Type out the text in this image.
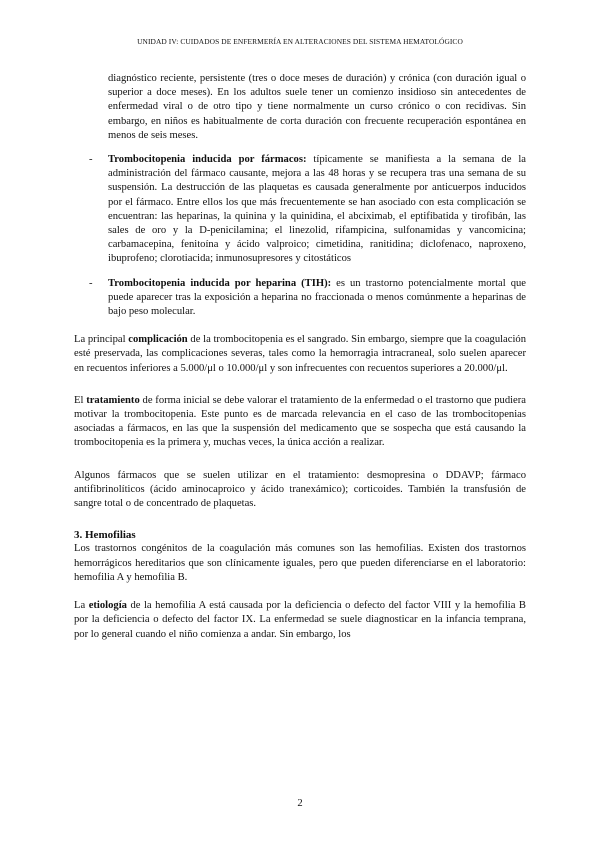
UNIDAD IV: CUIDADOS DE ENFERMERÍA EN ALTERACIONES DEL SISTEMA HEMATOLÓGICO

diagnóstico reciente, persistente (tres o doce meses de duración) y crónica (con duración igual o superior a doce meses). En los adultos suele tener un comienzo insidioso sin antecedentes de enfermedad viral o de otro tipo y tiene normalmente un curso crónico o con recidivas. Sin embargo, en niños es habitualmente de corta duración con frecuente recuperación espontánea en menos de seis meses.

- Trombocitopenia inducida por fármacos: típicamente se manifiesta a la semana de la administración del fármaco causante, mejora a las 48 horas y se recupera tras una semana de su suspensión. La destrucción de las plaquetas es causada generalmente por anticuerpos inducidos por el fármaco. Entre ellos los que más frecuentemente se han asociado con esta complicación se encuentran: las heparinas, la quinina y la quinidina, el abciximab, el eptifibatida y tirofibán, las sales de oro y la D-penicilamina; el linezolid, rifampicina, sulfonamidas y vancomicina; carbamacepina, fenitoína y ácido valproico; cimetidina, ranitidina; diclofenaco, naproxeno, ibuprofeno; clorotiacida; inmunosupresores y citostáticos
- Trombocitopenia inducida por heparina (TIH): es un trastorno potencialmente mortal que puede aparecer tras la exposición a heparina no fraccionada o menos comúnmente a heparinas de bajo peso molecular.

La principal complicación de la trombocitopenia es el sangrado. Sin embargo, siempre que la coagulación esté preservada, las complicaciones severas, tales como la hemorragia intracraneal, solo suelen aparecer en recuentos inferiores a 5.000/μl o 10.000/μl y son infrecuentes con recuentos superiores a 20.000/μl.

El tratamiento de forma inicial se debe valorar el tratamiento de la enfermedad o el trastorno que pudiera motivar la trombocitopenia. Este punto es de marcada relevancia en el caso de las trombocitopenias asociadas a fármacos, en las que la suspensión del medicamento que se sospecha que está causando la trombocitopenia es la primera y, muchas veces, la única acción a realizar.

Algunos fármacos que se suelen utilizar en el tratamiento: desmopresina o DDAVP; fármaco antifibrinolíticos (ácido aminocaproico y ácido tranexámico); corticoides. También la transfusión de sangre total o de concentrado de plaquetas.

3. Hemofilias

Los trastornos congénitos de la coagulación más comunes son las hemofilias. Existen dos trastornos hemorrágicos hereditarios que son clínicamente iguales, pero que pueden diferenciarse en el laboratorio: hemofilia A y hemofilia B.

La etiología de la hemofilia A está causada por la deficiencia o defecto del factor VIII y la hemofilia B por la deficiencia o defecto del factor IX. La enfermedad se suele diagnosticar en la infancia temprana, por lo general cuando el niño comienza a andar. Sin embargo, los

2
